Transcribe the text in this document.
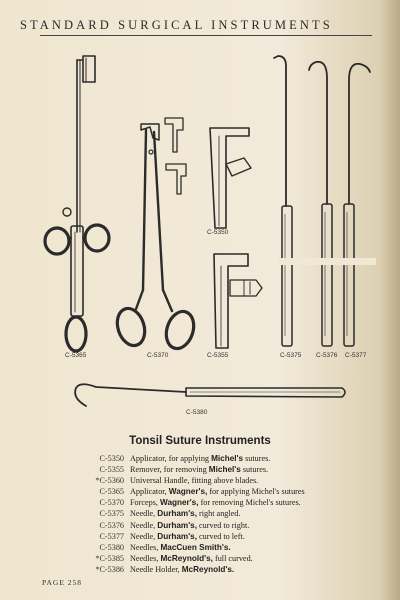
STANDARD SURGICAL INSTRUMENTS
C-5365	C-5370
C-5350
C-5355	C-5375 C-5376 C-5377
C-5380
Tonsil Suture Instruments
C-5350 Applicator, for applying Michel's sutures.
C-5355 Remover, for removing Michel's sutures.
*C-5360 Universal Handle, fitting above blades.
C-5365 Applicator, Wagner's, for applying Michel's sutures
C-5370 Forceps, Wagner's, for removing Michel's sutures.
C-5375 Needle, Durham's, right angled.
C-5376 Needle, Durham's, curved to right.
C-5377 Needle, Durham's, curved to left.
C-5380 Needles, MacCuen Smith's.
*C-5385 Needles, McReynold's, full curved.
*C-5386 Needle Holder, McReynold's.
PAGE 258
